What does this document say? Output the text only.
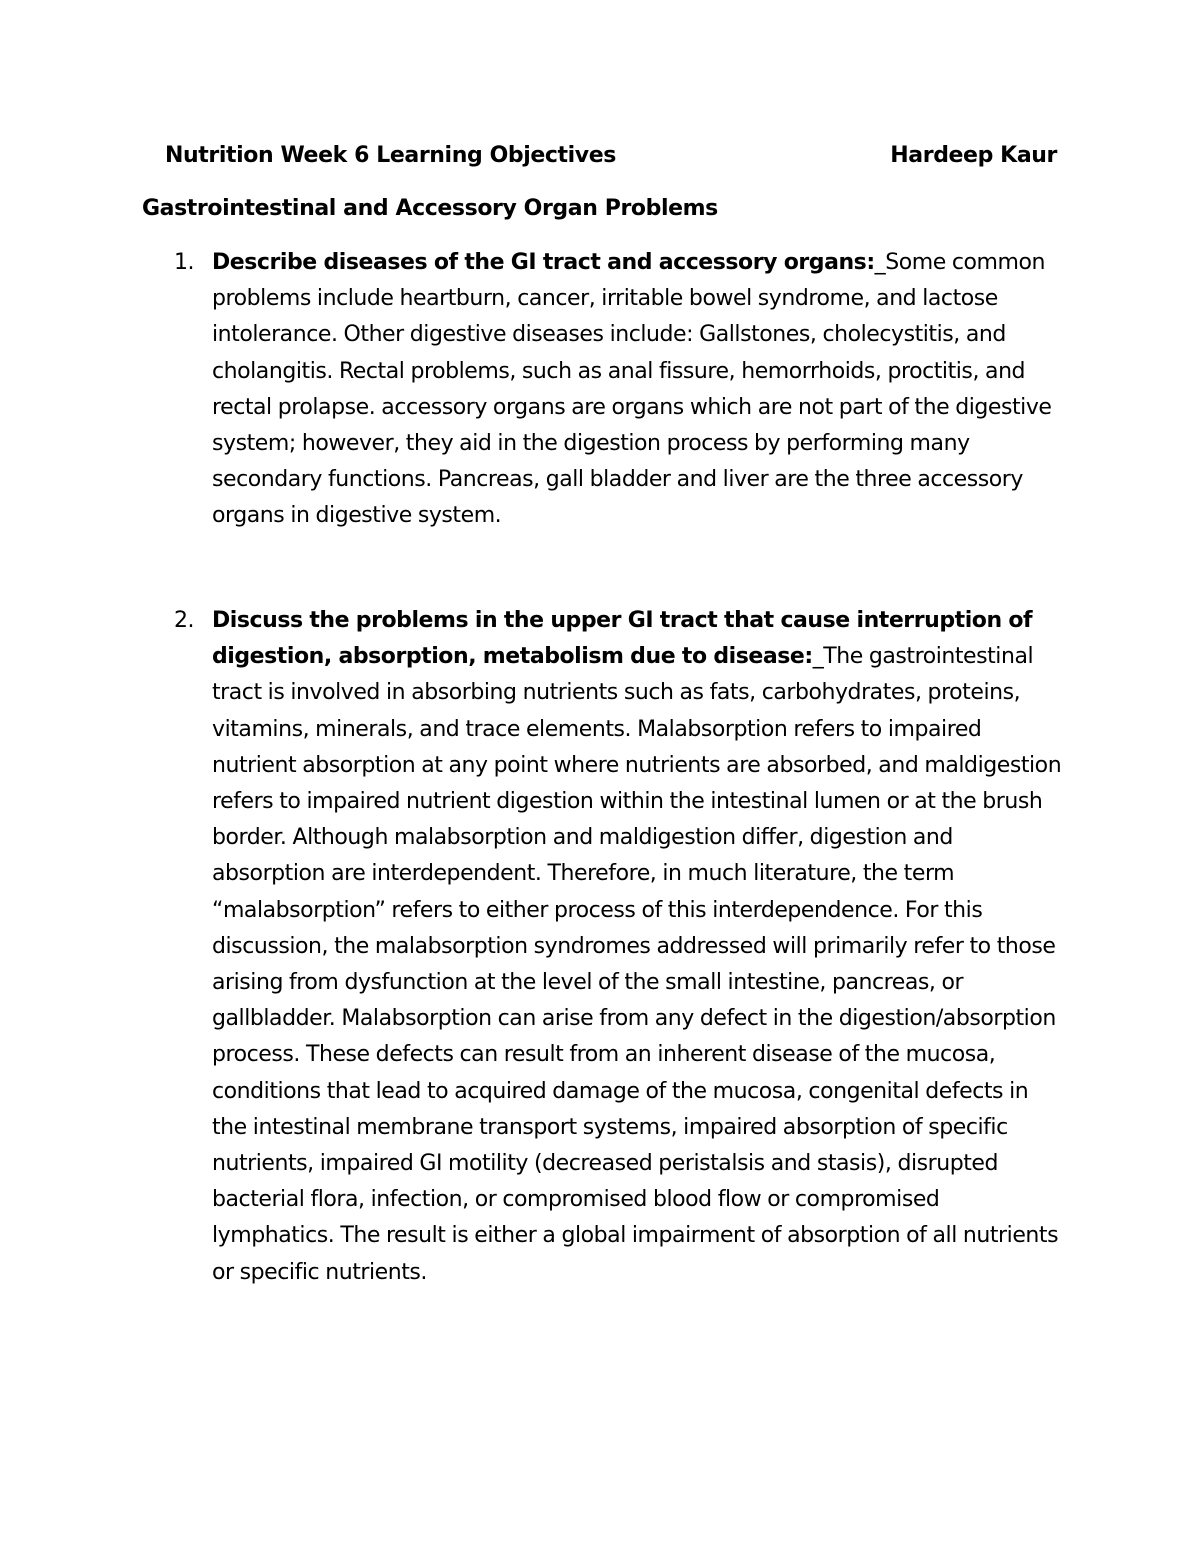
Nutrition Week 6 Learning Objectives	Hardeep Kaur
Gastrointestinal and Accessory Organ Problems
1. Describe diseases of the GI tract and accessory organs:_Some common problems include heartburn, cancer, irritable bowel syndrome, and lactose intolerance. Other digestive diseases include: Gallstones, cholecystitis, and cholangitis. Rectal problems, such as anal fissure, hemorrhoids, proctitis, and rectal prolapse. accessory organs are organs which are not part of the digestive system; however, they aid in the digestion process by performing many secondary functions. Pancreas, gall bladder and liver are the three accessory organs in digestive system.
2. Discuss the problems in the upper GI tract that cause interruption of digestion, absorption, metabolism due to disease:_The gastrointestinal tract is involved in absorbing nutrients such as fats, carbohydrates, proteins, vitamins, minerals, and trace elements. Malabsorption refers to impaired nutrient absorption at any point where nutrients are absorbed, and maldigestion refers to impaired nutrient digestion within the intestinal lumen or at the brush border. Although malabsorption and maldigestion differ, digestion and absorption are interdependent. Therefore, in much literature, the term “malabsorption” refers to either process of this interdependence. For this discussion, the malabsorption syndromes addressed will primarily refer to those arising from dysfunction at the level of the small intestine, pancreas, or gallbladder. Malabsorption can arise from any defect in the digestion/absorption process. These defects can result from an inherent disease of the mucosa, conditions that lead to acquired damage of the mucosa, congenital defects in the intestinal membrane transport systems, impaired absorption of specific nutrients, impaired GI motility (decreased peristalsis and stasis), disrupted bacterial flora, infection, or compromised blood flow or compromised lymphatics. The result is either a global impairment of absorption of all nutrients or specific nutrients.
